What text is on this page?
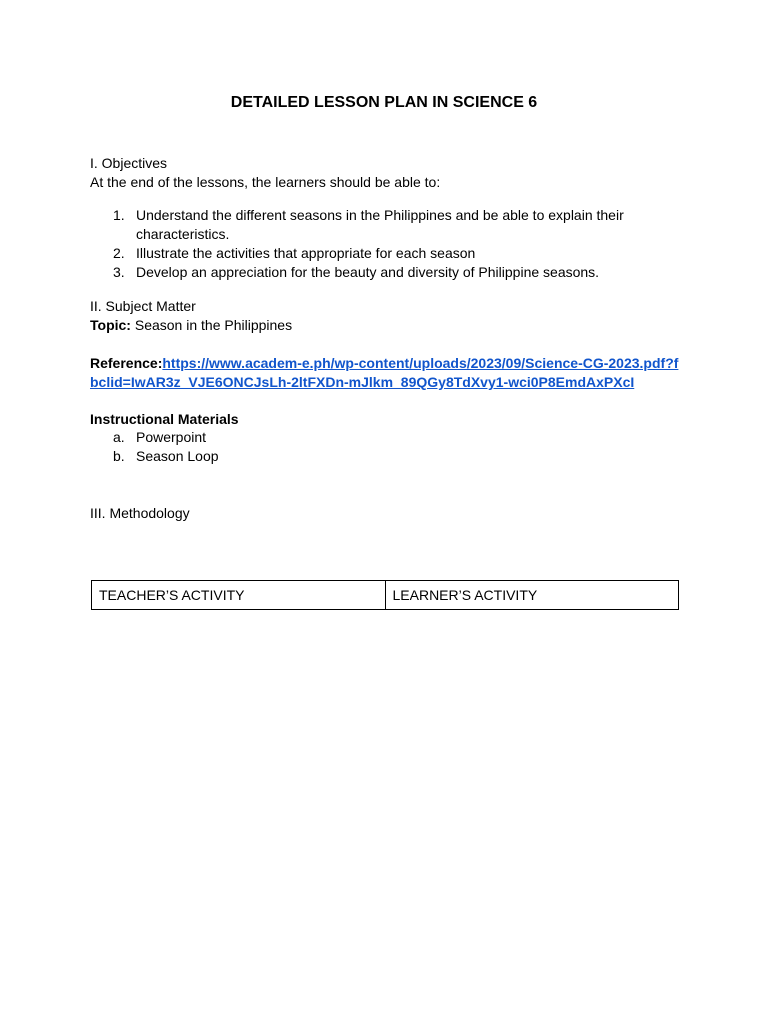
DETAILED LESSON PLAN IN SCIENCE 6
I. Objectives
At the end of the lessons, the learners should be able to:
1. Understand the different seasons in the Philippines and be able to explain their characteristics.
2. Illustrate the activities that appropriate for each season
3. Develop an appreciation for the beauty and diversity of Philippine seasons.
II. Subject Matter
Topic: Season in the Philippines
Reference:https://www.academ-e.ph/wp-content/uploads/2023/09/Science-CG-2023.pdf?f
bclid=IwAR3z_VJE6ONCJsLh-2ltFXDn-mJlkm_89QGy8TdXvy1-wci0P8EmdAxPXcI
Instructional Materials
a. Powerpoint
b. Season Loop
III. Methodology
TEACHER’S ACTIVITY	LEARNER’S ACTIVITY
